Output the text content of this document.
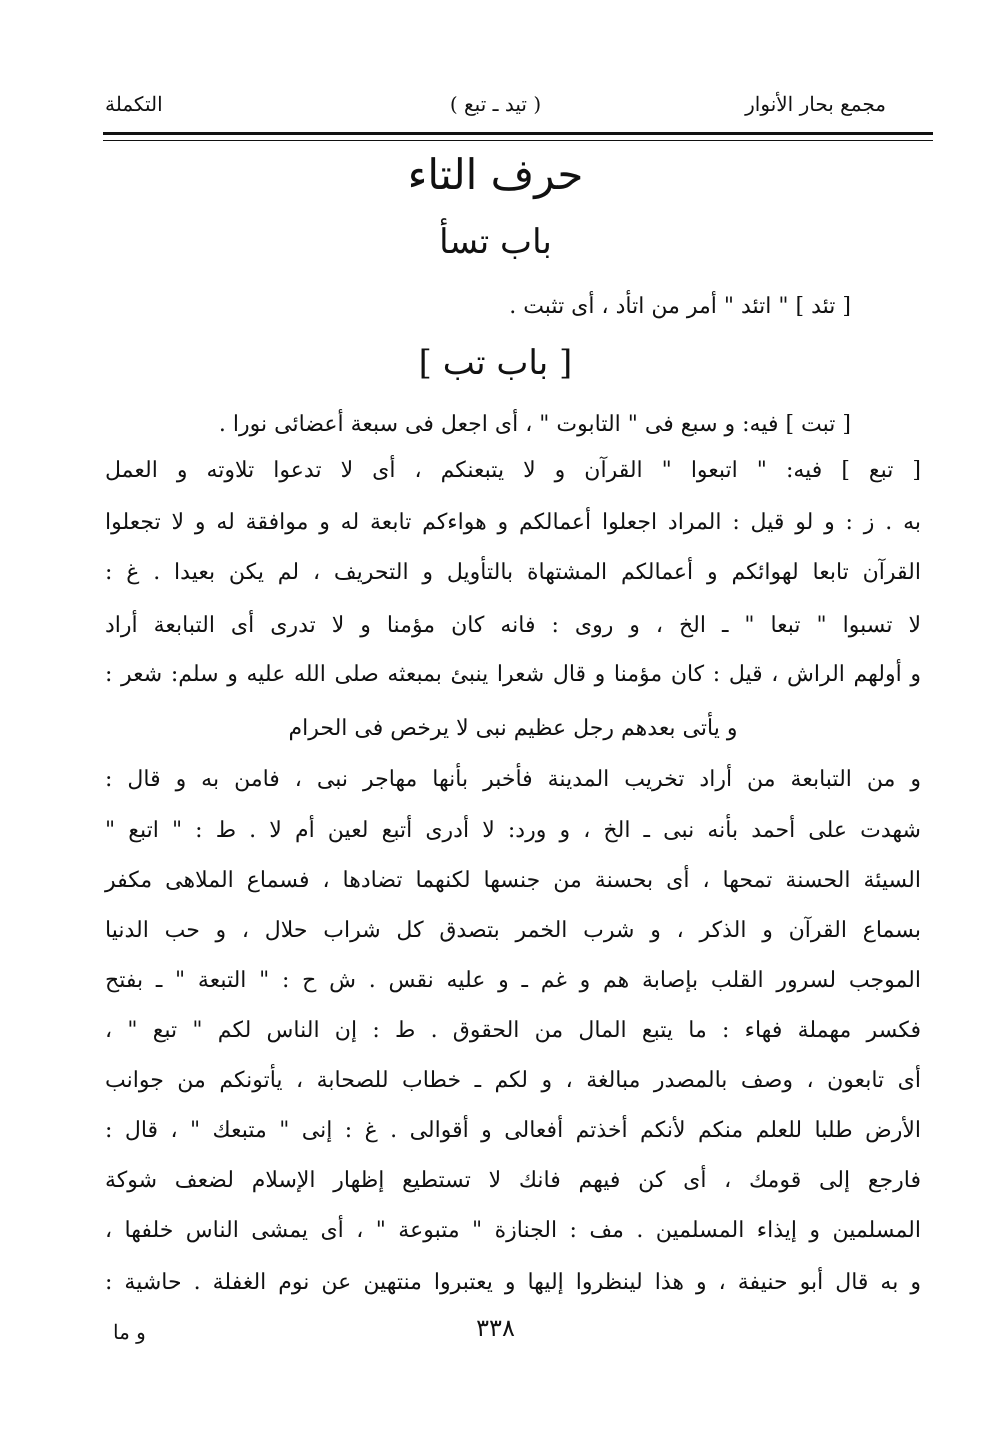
مجمع بحار الأنوار
( تيد ـ تبع )
التكملة
حرف التاء
باب تسأ
[ تئد ] " اتئد " أمر من اتأد ، أى تثبت .
[ باب تب ]
[ تبت ] فيه: و سبع فى " التابوت " ، أى اجعل فى سبعة أعضائى نورا .
[ تبع ] فيه: " اتبعوا " القرآن و لا يتبعنكم ، أى لا تدعوا تلاوته و العمل
به . ز : و لو قيل : المراد اجعلوا أعمالكم و هواءكم تابعة له و موافقة له و لا تجعلوا
القرآن تابعا لهوائكم و أعمالكم المشتهاة بالتأويل و التحريف ، لم يكن بعيدا . غ :
لا تسبوا " تبعا " ـ الخ ، و روى : فانه كان مؤمنا و لا تدرى أى التبابعة أراد
و أولهم الراش ، قيل : كان مؤمنا و قال شعرا ينبئ بمبعثه صلى الله عليه و سلم: شعر :
و يأتى بعدهم رجل عظيم نبى لا يرخص فى الحرام
و من التبابعة من أراد تخريب المدينة فأخبر بأنها مهاجر نبى ، فامن به و قال :
شهدت على أحمد بأنه نبى ـ الخ ، و ورد: لا أدرى أتبع لعين أم لا . ط : " اتبع "
السيئة الحسنة تمحها ، أى بحسنة من جنسها لكنهما تضادها ، فسماع الملاهى مكفر
بسماع القرآن و الذكر ، و شرب الخمر بتصدق كل شراب حلال ، و حب الدنيا
الموجب لسرور القلب بإصابة هم و غم ـ و عليه نقس . ش ح : " التبعة " ـ بفتح
فكسر مهملة فهاء : ما يتبع المال من الحقوق . ط : إن الناس لكم " تبع " ،
أى تابعون ، وصف بالمصدر مبالغة ، و لكم ـ خطاب للصحابة ، يأتونكم من جوانب
الأرض طلبا للعلم منكم لأنكم أخذتم أفعالى و أقوالى . غ : إنى " متبعك " ، قال :
فارجع إلى قومك ، أى كن فيهم فانك لا تستطيع إظهار الإسلام لضعف شوكة
المسلمين و إيذاء المسلمين . مف : الجنازة " متبوعة " ، أى يمشى الناس خلفها ،
و به قال أبو حنيفة ، و هذا لينظروا إليها و يعتبروا منتهين عن نوم الغفلة . حاشية :
٣٣٨
و ما
